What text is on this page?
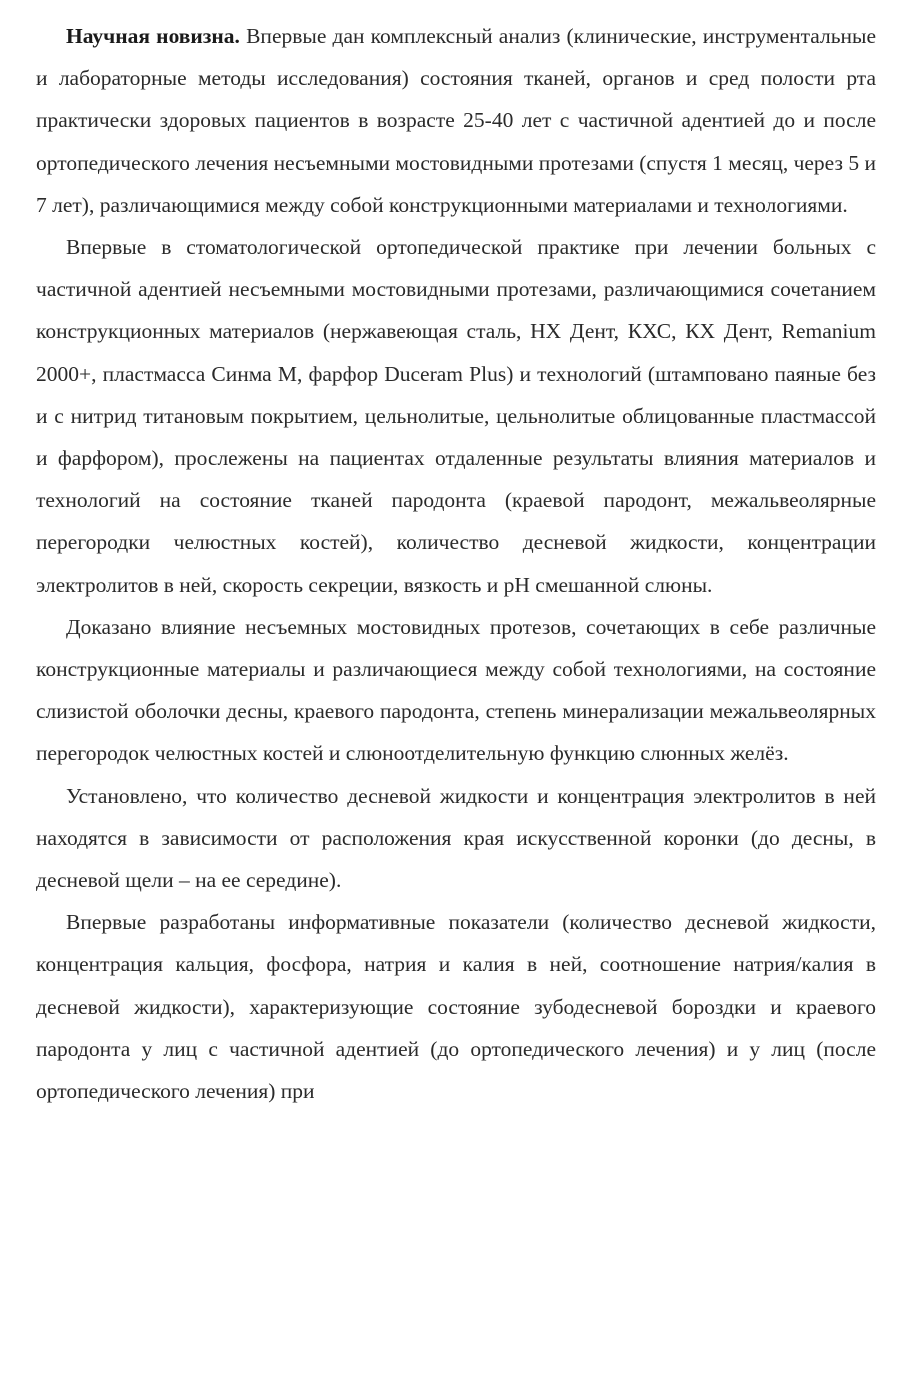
Научная новизна. Впервые дан комплексный анализ (клинические, инструментальные и лабораторные методы исследования) состояния тканей, органов и сред полости рта практически здоровых пациентов в возрасте 25-40 лет с частичной адентией до и после ортопедического лечения несъемными мостовидными протезами (спустя 1 месяц, через 5 и 7 лет), различающимися между собой конструкционными материалами и технологиями.

Впервые в стоматологической ортопедической практике при лечении больных с частичной адентией несъемными мостовидными протезами, различающимися сочетанием конструкционных материалов (нержавеющая сталь, НХ Дент, КХС, КХ Дент, Remanium 2000+, пластмасса Синма М, фарфор Duceram Plus) и технологий (штамповано паяные без и с нитрид титановым покрытием, цельнолитые, цельнолитые облицованные пластмассой и фарфором), прослежены на пациентах отдаленные результаты влияния материалов и технологий на состояние тканей пародонта (краевой пародонт, межальвеолярные перегородки челюстных костей), количество десневой жидкости, концентрации электролитов в ней, скорость секреции, вязкость и pH смешанной слюны.

Доказано влияние несъемных мостовидных протезов, сочетающих в себе различные конструкционные материалы и различающиеся между собой технологиями, на состояние слизистой оболочки десны, краевого пародонта, степень минерализации межальвеолярных перегородок челюстных костей и слюноотделительную функцию слюнных желёз.

Установлено, что количество десневой жидкости и концентрация электролитов в ней находятся в зависимости от расположения края искусственной коронки (до десны, в десневой щели – на ее середине).

Впервые разработаны информативные показатели (количество десневой жидкости, концентрация кальция, фосфора, натрия и калия в ней, соотношение натрия/калия в десневой жидкости), характеризующие состояние зубодесневой бороздки и краевого пародонта у лиц с частичной адентией (до ортопедического лечения) и у лиц (после ортопедического лечения) при
